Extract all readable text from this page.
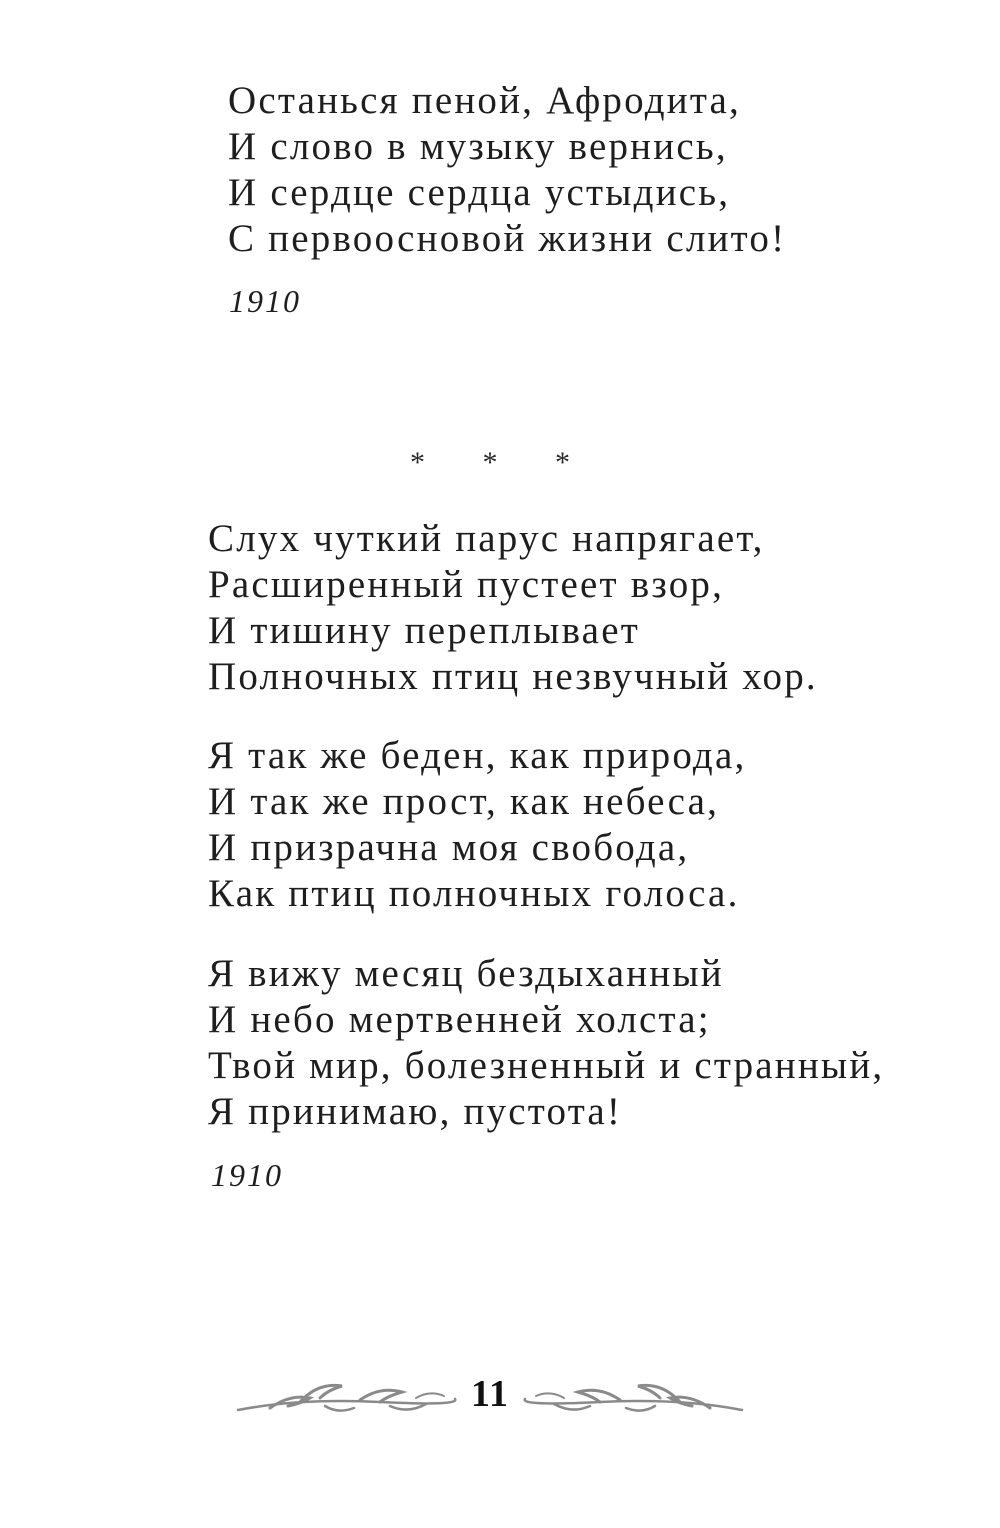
Останься пеной, Афродита,
И слово в музыку вернись,
И сердце сердца устыдись,
С первоосновой жизни слито!
1910
* * *
Слух чуткий парус напрягает,
Расширенный пустеет взор,
И тишину переплывает
Полночных птиц незвучный хор.
Я так же беден, как природа,
И так же прост, как небеса,
И призрачна моя свобода,
Как птиц полночных голоса.
Я вижу месяц бездыханный
И небо мертвенней холста;
Твой мир, болезненный и странный,
Я принимаю, пустота!
1910
11
